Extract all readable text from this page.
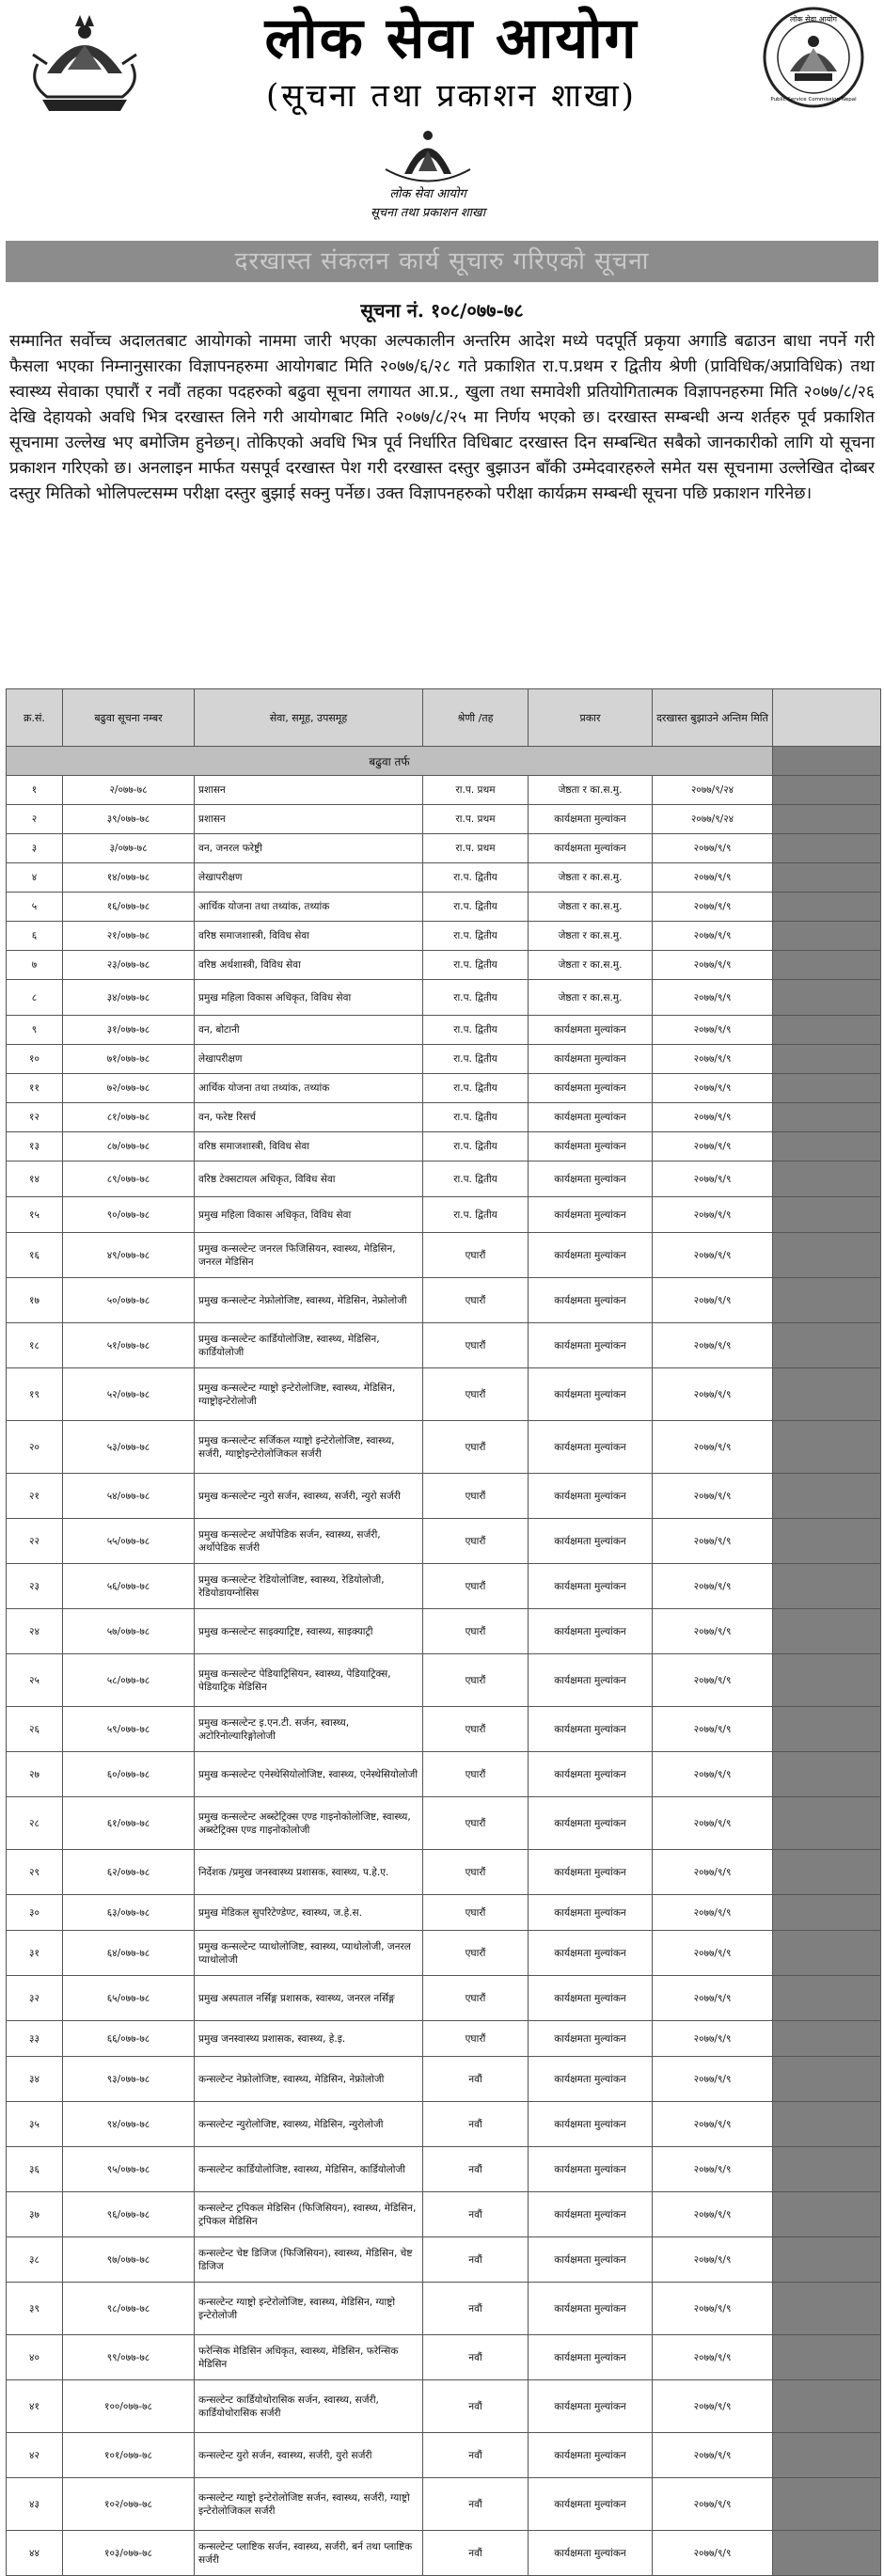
लोक सेवा आयोग
(सूचना तथा प्रकाशन शाखा)
लोक सेवा आयोग
Public Service Commission Nepal
लोक सेवा आयोग
सूचना तथा प्रकाशन शाखा
दरखास्त संकलन कार्य सूचारु गरिएको सूचना
सूचना नं. १०८/०७७-७८
सम्मानित सर्वोच्च अदालतबाट आयोगको नाममा जारी भएका अल्पकालीन अन्तरिम आदेश मध्ये पदपूर्ति प्रकृया अगाडि बढाउन बाधा नपर्ने गरी फैसला भएका निम्नानुसारका विज्ञापनहरुमा आयोगबाट मिति २०७७/६/२८ गते प्रकाशित रा.प.प्रथम र द्वितीय श्रेणी (प्राविधिक/अप्राविधिक) तथा स्वास्थ्य सेवाका एघारौं र नवौं तहका पदहरुको बढुवा सूचना लगायत आ.प्र., खुला तथा समावेशी प्रतियोगितात्मक विज्ञापनहरुमा मिति २०७७/८/२६ देखि देहायको अवधि भित्र दरखास्त लिने गरी आयोगबाट मिति २०७७/८/२५ मा निर्णय भएको छ। दरखास्त सम्बन्धी अन्य शर्तहरु पूर्व प्रकाशित सूचनामा उल्लेख भए बमोजिम हुनेछन्। तोकिएको अवधि भित्र पूर्व निर्धारित विधिबाट दरखास्त दिन सम्बन्धित सबैको जानकारीको लागि यो सूचना प्रकाशन गरिएको छ। अनलाइन मार्फत यसपूर्व दरखास्त पेश गरी दरखास्त दस्तुर बुझाउन बाँकी उम्मेदवारहरुले समेत यस सूचनामा उल्लेखित दोब्बर दस्तुर मितिको भोलिपल्टसम्म परीक्षा दस्तुर बुझाई सक्नु पर्नेछ। उक्त विज्ञापनहरुको परीक्षा कार्यक्रम सम्बन्धी सूचना पछि प्रकाशन गरिनेछ।
बढुवा तर्फ						
क्र.सं.	बढुवा सूचना नम्बर	सेवा, समूह, उपसमूह	श्रेणी /तह	प्रकार	दरखास्त बुझाउने अन्तिम मिति	
१	२/०७७-७८	प्रशासन	रा.प. प्रथम	जेष्ठता र का.स.मु.	२०७७/९/२४	
२	३९/०७७-७८	प्रशासन	रा.प. प्रथम	कार्यक्षमता मुल्यांकन	२०७७/९/२४	
३	३/०७७-७८	वन, जनरल फरेष्ट्री	रा.प. प्रथम	कार्यक्षमता मुल्यांकन	२०७७/९/९	
४	१४/०७७-७८	लेखापरीक्षण	रा.प. द्वितीय	जेष्ठता र का.स.मु.	२०७७/९/९	
५	१६/०७७-७८	आर्थिक योजना तथा तथ्यांक, तथ्यांक	रा.प. द्वितीय	जेष्ठता र का.स.मु.	२०७७/९/९	
६	२१/०७७-७८	वरिष्ठ समाजशास्त्री, विविध सेवा	रा.प. द्वितीय	जेष्ठता र का.स.मु.	२०७७/९/९	
७	२३/०७७-७८	वरिष्ठ अर्थशास्त्री, विविध सेवा	रा.प. द्वितीय	जेष्ठता र का.स.मु.	२०७७/९/९	
८	३४/०७७-७८	प्रमुख महिला विकास अधिकृत, विविध सेवा	रा.प. द्वितीय	जेष्ठता र का.स.मु.	२०७७/९/९	
९	३१/०७७-७८	वन, बोटानी	रा.प. द्वितीय	कार्यक्षमता मुल्यांकन	२०७७/९/९	
१०	७१/०७७-७८	लेखापरीक्षण	रा.प. द्वितीय	कार्यक्षमता मुल्यांकन	२०७७/९/९	
११	७२/०७७-७८	आर्थिक योजना तथा तथ्यांक, तथ्यांक	रा.प. द्वितीय	कार्यक्षमता मुल्यांकन	२०७७/९/९	
१२	८१/०७७-७८	वन, फरेष्ट रिसर्च	रा.प. द्वितीय	कार्यक्षमता मुल्यांकन	२०७७/९/९	
१३	८७/०७७-७८	वरिष्ठ समाजशास्त्री, विविध सेवा	रा.प. द्वितीय	कार्यक्षमता मुल्यांकन	२०७७/९/९	
१४	८९/०७७-७८	वरिष्ठ टेक्सटायल अधिकृत, विविध सेवा	रा.प. द्वितीय	कार्यक्षमता मुल्यांकन	२०७७/९/९	
१५	९०/०७७-७८	प्रमुख महिला विकास अधिकृत, विविध सेवा	रा.प. द्वितीय	कार्यक्षमता मुल्यांकन	२०७७/९/९	
१६	४९/०७७-७८	प्रमुख कन्सल्टेन्ट जनरल फिजिसियन, स्वास्थ्य, मेडिसिन, जनरल मेडिसिन	एघारौं	कार्यक्षमता मुल्यांकन	२०७७/९/९	
१७	५०/०७७-७८	प्रमुख कन्सल्टेन्ट नेफ्रोलोजिष्ट, स्वास्थ्य, मेडिसिन, नेफ्रोलोजी	एघारौं	कार्यक्षमता मुल्यांकन	२०७७/९/९	
१८	५१/०७७-७८	प्रमुख कन्सल्टेन्ट कार्डियोलोजिष्ट, स्वास्थ्य, मेडिसिन, कार्डियोलोजी	एघारौं	कार्यक्षमता मुल्यांकन	२०७७/९/९	
१९	५२/०७७-७८	प्रमुख कन्सल्टेन्ट ग्याष्ट्रो इन्टेरोलोजिष्ट, स्वास्थ्य, मेडिसिन, ग्याष्ट्रोइन्टेरोलोजी	एघारौं	कार्यक्षमता मुल्यांकन	२०७७/९/९	
२०	५३/०७७-७८	प्रमुख कन्सल्टेन्ट सर्जिकल ग्याष्ट्रो इन्टेरोलोजिष्ट, स्वास्थ्य, सर्जरी, ग्याष्ट्रोइन्टेरोलोजिकल सर्जरी	एघारौं	कार्यक्षमता मुल्यांकन	२०७७/९/९	
२१	५४/०७७-७८	प्रमुख कन्सल्टेन्ट न्युरो सर्जन, स्वास्थ्य, सर्जरी, न्युरो सर्जरी	एघारौं	कार्यक्षमता मुल्यांकन	२०७७/९/९	
२२	५५/०७७-७८	प्रमुख कन्सल्टेन्ट अर्थोपेडिक सर्जन, स्वास्थ्य, सर्जरी, अर्थोपेडिक सर्जरी	एघारौं	कार्यक्षमता मुल्यांकन	२०७७/९/९	
२३	५६/०७७-७८	प्रमुख कन्सल्टेन्ट रेडियोलोजिष्ट, स्वास्थ्य, रेडियोलोजी, रेडियोडायग्नोसिस	एघारौं	कार्यक्षमता मुल्यांकन	२०७७/९/९	
२४	५७/०७७-७८	प्रमुख कन्सल्टेन्ट साइक्याट्रिष्ट, स्वास्थ्य, साइक्याट्री	एघारौं	कार्यक्षमता मुल्यांकन	२०७७/९/९	
२५	५८/०७७-७८	प्रमुख कन्सल्टेन्ट पेडियाट्रिसियन, स्वास्थ्य, पेडियाट्रिक्स, पेडियाट्रिक मेडिसिन	एघारौं	कार्यक्षमता मुल्यांकन	२०७७/९/९	
२६	५९/०७७-७८	प्रमुख कन्सल्टेन्ट इ.एन.टी. सर्जन, स्वास्थ्य, अटोरिनोल्यारिङ्गोलोजी	एघारौं	कार्यक्षमता मुल्यांकन	२०७७/९/९	
२७	६०/०७७-७८	प्रमुख कन्सल्टेन्ट एनेस्थेसियोलोजिष्ट, स्वास्थ्य, एनेस्थेसियोलोजी	एघारौं	कार्यक्षमता मुल्यांकन	२०७७/९/९	
२८	६१/०७७-७८	प्रमुख कन्सल्टेन्ट अब्स्टेट्रिक्स एण्ड गाइनोकोलोजिष्ट, स्वास्थ्य, अब्स्टेट्रिक्स एण्ड गाइनोकोलोजी	एघारौं	कार्यक्षमता मुल्यांकन	२०७७/९/९	
२९	६२/०७७-७८	निर्देशक /प्रमुख जनस्वास्थ्य प्रशासक, स्वास्थ्य, प.हे.ए.	एघारौं	कार्यक्षमता मुल्यांकन	२०७७/९/९	
३०	६३/०७७-७८	प्रमुख मेडिकल सुपरिटेण्डेण्ट, स्वास्थ्य, ज.हे.स.	एघारौं	कार्यक्षमता मुल्यांकन	२०७७/९/९	
३१	६४/०७७-७८	प्रमुख कन्सल्टेन्ट प्याथोलोजिष्ट, स्वास्थ्य, प्याथोलोजी, जनरल प्याथोलोजी	एघारौं	कार्यक्षमता मुल्यांकन	२०७७/९/९	
३२	६५/०७७-७८	प्रमुख अस्पताल नर्सिङ्ग प्रशासक, स्वास्थ्य, जनरल नर्सिङ्ग	एघारौं	कार्यक्षमता मुल्यांकन	२०७७/९/९	
३३	६६/०७७-७८	प्रमुख जनस्वास्थ्य प्रशासक, स्वास्थ्य, हे.इ.	एघारौं	कार्यक्षमता मुल्यांकन	२०७७/९/९	
३४	९३/०७७-७८	कन्सल्टेन्ट नेफ्रोलोजिष्ट, स्वास्थ्य, मेडिसिन, नेफ्रोलोजी	नवौं	कार्यक्षमता मुल्यांकन	२०७७/९/९	
३५	९४/०७७-७८	कन्सल्टेन्ट न्युरोलोजिष्ट, स्वास्थ्य, मेडिसिन, न्युरोलोजी	नवौं	कार्यक्षमता मुल्यांकन	२०७७/९/९	
३६	९५/०७७-७८	कन्सल्टेन्ट कार्डियोलोजिष्ट, स्वास्थ्य, मेडिसिन, कार्डियोलोजी	नवौं	कार्यक्षमता मुल्यांकन	२०७७/९/९	
३७	९६/०७७-७८	कन्सल्टेन्ट ट्रपिकल मेडिसिन (फिजिसियन), स्वास्थ्य, मेडिसिन, ट्रपिकल मेडिसिन	नवौं	कार्यक्षमता मुल्यांकन	२०७७/९/९	
३८	९७/०७७-७८	कन्सल्टेन्ट चेष्ट डिजिज (फिजिसियन), स्वास्थ्य, मेडिसिन, चेष्ट डिजिज	नवौं	कार्यक्षमता मुल्यांकन	२०७७/९/९	
३९	९८/०७७-७८	कन्सल्टेन्ट ग्याष्ट्रो इन्टेरोलोजिष्ट, स्वास्थ्य, मेडिसिन, ग्याष्ट्रो इन्टेरोलोजी	नवौं	कार्यक्षमता मुल्यांकन	२०७७/९/९	
४०	९९/०७७-७८	फरेन्सिक मेडिसिन अधिकृत, स्वास्थ्य, मेडिसिन, फरेन्सिक मेडिसिन	नवौं	कार्यक्षमता मुल्यांकन	२०७७/९/९	
४१	१००/०७७-७८	कन्सल्टेन्ट कार्डियोथोरासिक सर्जन, स्वास्थ्य, सर्जरी, कार्डियोथोरासिक सर्जरी	नवौं	कार्यक्षमता मुल्यांकन	२०७७/९/९	
४२	१०१/०७७-७८	कन्सल्टेन्ट युरो सर्जन, स्वास्थ्य, सर्जरी, युरो सर्जरी	नवौं	कार्यक्षमता मुल्यांकन	२०७७/९/९	
४३	१०२/०७७-७८	कन्सल्टेन्ट ग्याष्ट्रो इन्टेरोलोजिष्ट सर्जन, स्वास्थ्य, सर्जरी, ग्याष्ट्रो इन्टेरोलोजिकल सर्जरी	नवौं	कार्यक्षमता मुल्यांकन	२०७७/९/९	
४४	१०३/०७७-७८	कन्सल्टेन्ट प्लाष्टिक सर्जन, स्वास्थ्य, सर्जरी, बर्न तथा प्लाष्टिक सर्जरी	नवौं	कार्यक्षमता मुल्यांकन	२०७७/९/९	
